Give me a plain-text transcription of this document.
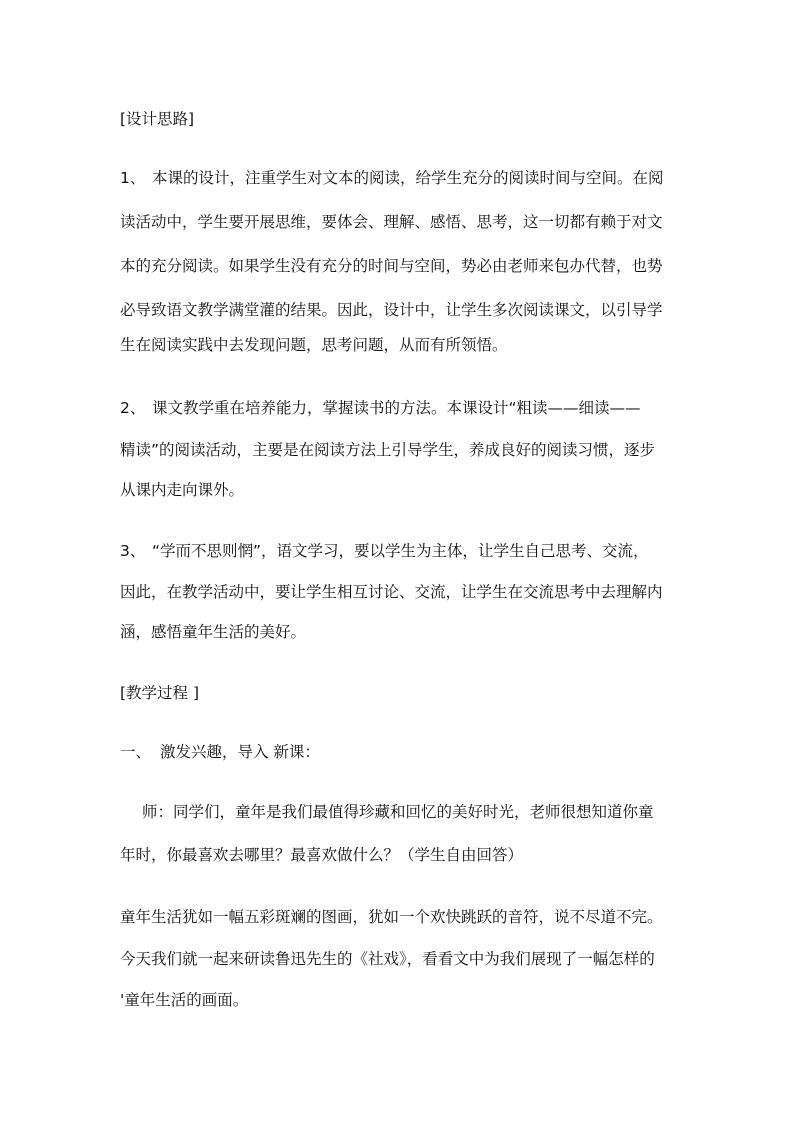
[设计思路]
1、 本课的设计，注重学生对文本的阅读，给学生充分的阅读时间与空间。在阅
读活动中，学生要开展思维，要体会、理解、感悟、思考，这一切都有赖于对文
本的充分阅读。如果学生没有充分的时间与空间，势必由老师来包办代替，也势
必导致语文教学满堂灌的结果。因此，设计中，让学生多次阅读课文，以引导学
生在阅读实践中去发现问题，思考问题，从而有所领悟。
2、 课文教学重在培养能力，掌握读书的方法。本课设计“粗读——细读——
精读”的阅读活动，主要是在阅读方法上引导学生，养成良好的阅读习惯，逐步
从课内走向课外。
3、 “学而不思则惘”，语文学习，要以学生为主体，让学生自己思考、交流，
因此，在教学活动中，要让学生相互讨论、交流，让学生在交流思考中去理解内
涵，感悟童年生活的美好。
[教学过程 ]
一、 激发兴趣，导入 新课：
师：同学们，童年是我们最值得珍藏和回忆的美好时光，老师很想知道你童
年时，你最喜欢去哪里？最喜欢做什么？（学生自由回答）
童年生活犹如一幅五彩斑斓的图画，犹如一个欢快跳跃的音符，说不尽道不完。
今天我们就一起来研读鲁迅先生的《社戏》，看看文中为我们展现了一幅怎样的
'童年生活的画面。
